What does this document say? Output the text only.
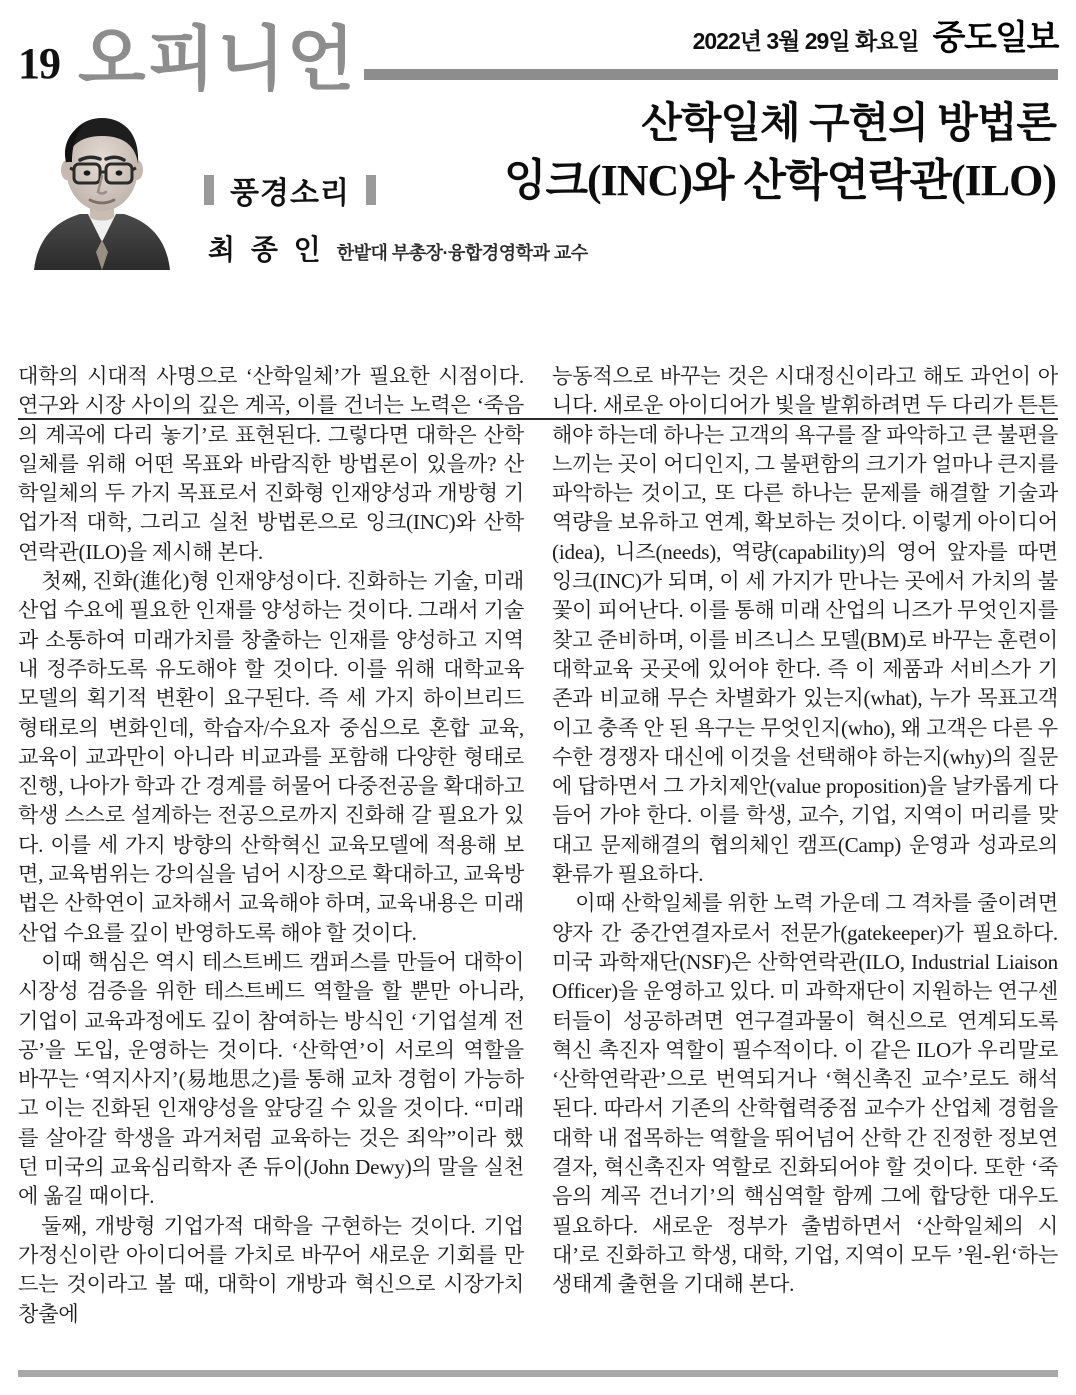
19 오피니언	2022년 3월 29일 화요일 중도일보
풍경소리
최 종 인 한밭대 부총장·융합경영학과 교수
산학일체 구현의 방법론
잉크(INC)와 산학연락관(ILO)

대학의 시대적 사명으로 ‘산학일체’가 필요한 시점이다. 연구와 시장 사이의 깊은 계곡, 이를 건너는 노력은 ‘죽음의 계곡에 다리 놓기’로 표현된다. 그렇다면 대학은 산학일체를 위해 어떤 목표와 바람직한 방법론이 있을까? 산학일체의 두 가지 목표로서 진화형 인재양성과 개방형 기업가적 대학, 그리고 실천 방법론으로 잉크(INC)와 산학연락관(ILO)을 제시해 본다.

첫째, 진화(進化)형 인재양성이다. 진화하는 기술, 미래 산업 수요에 필요한 인재를 양성하는 것이다. 그래서 기술과 소통하여 미래가치를 창출하는 인재를 양성하고 지역 내 정주하도록 유도해야 할 것이다. 이를 위해 대학교육 모델의 획기적 변환이 요구된다. 즉 세 가지 하이브리드 형태로의 변화인데, 학습자/수요자 중심으로 혼합 교육, 교육이 교과만이 아니라 비교과를 포함해 다양한 형태로 진행, 나아가 학과 간 경계를 허물어 다중전공을 확대하고 학생 스스로 설계하는 전공으로까지 진화해 갈 필요가 있다. 이를 세 가지 방향의 산학혁신 교육모델에 적용해 보면, 교육범위는 강의실을 넘어 시장으로 확대하고, 교육방법은 산학연이 교차해서 교육해야 하며, 교육내용은 미래 산업 수요를 깊이 반영하도록 해야 할 것이다.

이때 핵심은 역시 테스트베드 캠퍼스를 만들어 대학이 시장성 검증을 위한 테스트베드 역할을 할 뿐만 아니라, 기업이 교육과정에도 깊이 참여하는 방식인 ‘기업설계 전공’을 도입, 운영하는 것이다. ‘산학연’이 서로의 역할을 바꾸는 ‘역지사지’(易地思之)를 통해 교차 경험이 가능하고 이는 진화된 인재양성을 앞당길 수 있을 것이다. “미래를 살아갈 학생을 과거처럼 교육하는 것은 죄악”이라 했던 미국의 교육심리학자 존 듀이(John Dewy)의 말을 실천에 옮길 때이다.

둘째, 개방형 기업가적 대학을 구현하는 것이다. 기업가정신이란 아이디어를 가치로 바꾸어 새로운 기회를 만드는 것이라고 볼 때, 대학이 개방과 혁신으로 시장가치 창출에

능동적으로 바꾸는 것은 시대정신이라고 해도 과언이 아니다. 새로운 아이디어가 빛을 발휘하려면 두 다리가 튼튼해야 하는데 하나는 고객의 욕구를 잘 파악하고 큰 불편을 느끼는 곳이 어디인지, 그 불편함의 크기가 얼마나 큰지를 파악하는 것이고, 또 다른 하나는 문제를 해결할 기술과 역량을 보유하고 연계, 확보하는 것이다. 이렇게 아이디어(idea), 니즈(needs), 역량(capability)의 영어 앞자를 따면 잉크(INC)가 되며, 이 세 가지가 만나는 곳에서 가치의 불꽃이 피어난다. 이를 통해 미래 산업의 니즈가 무엇인지를 찾고 준비하며, 이를 비즈니스 모델(BM)로 바꾸는 훈련이 대학교육 곳곳에 있어야 한다. 즉 이 제품과 서비스가 기존과 비교해 무슨 차별화가 있는지(what), 누가 목표고객 이고 충족 안 된 욕구는 무엇인지(who), 왜 고객은 다른 우수한 경쟁자 대신에 이것을 선택해야 하는지(why)의 질문에 답하면서 그 가치제안(value proposition)을 날카롭게 다듬어 가야 한다. 이를 학생, 교수, 기업, 지역이 머리를 맞대고 문제해결의 협의체인 캠프(Camp) 운영과 성과로의 환류가 필요하다.

이때 산학일체를 위한 노력 가운데 그 격차를 줄이려면 양자 간 중간연결자로서 전문가(gatekeeper)가 필요하다. 미국 과학재단(NSF)은 산학연락관(ILO, Industrial Liaison Officer)을 운영하고 있다. 미 과학재단이 지원하는 연구센터들이 성공하려면 연구결과물이 혁신으로 연계되도록 혁신 촉진자 역할이 필수적이다. 이 같은 ILO가 우리말로 ‘산학연락관’으로 번역되거나 ‘혁신촉진 교수’로도 해석된다. 따라서 기존의 산학협력중점 교수가 산업체 경험을 대학 내 접목하는 역할을 뛰어넘어 산학 간 진정한 정보연결자, 혁신촉진자 역할로 진화되어야 할 것이다. 또한 ‘죽음의 계곡 건너기’의 핵심역할 함께 그에 합당한 대우도 필요하다. 새로운 정부가 출범하면서 ‘산학일체의 시대’로 진화하고 학생, 대학, 기업, 지역이 모두 ’원-윈‘하는 생태계 출현을 기대해 본다.
